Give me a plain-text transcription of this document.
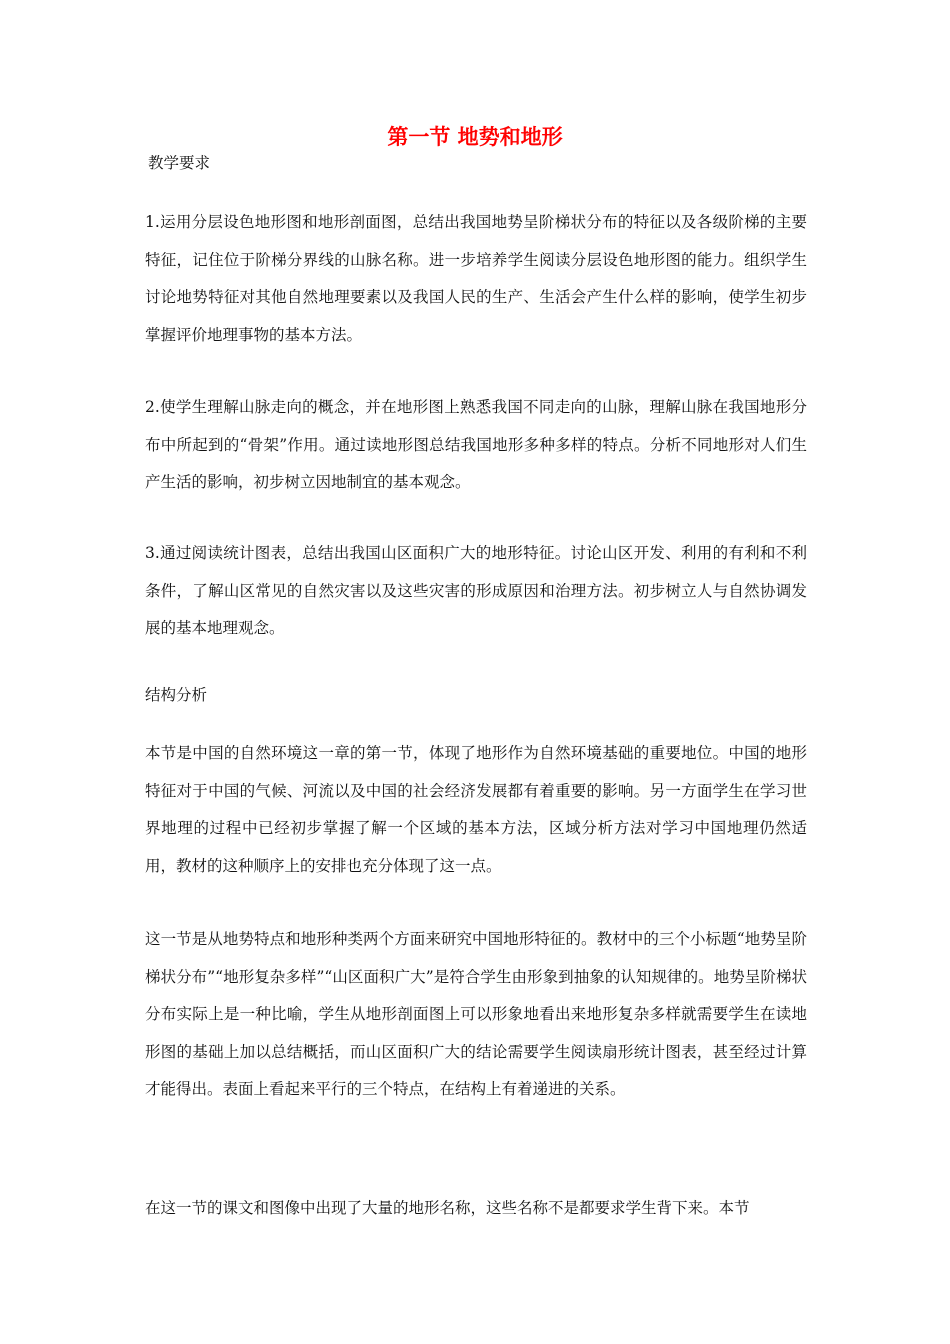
第一节 地势和地形

教学要求

1.运用分层设色地形图和地形剖面图，总结出我国地势呈阶梯状分布的特征以及各级阶梯的主要特征，记住位于阶梯分界线的山脉名称。进一步培养学生阅读分层设色地形图的能力。组织学生讨论地势特征对其他自然地理要素以及我国人民的生产、生活会产生什么样的影响，使学生初步掌握评价地理事物的基本方法。

2.使学生理解山脉走向的概念，并在地形图上熟悉我国不同走向的山脉，理解山脉在我国地形分布中所起到的“骨架”作用。通过读地形图总结我国地形多种多样的特点。分析不同地形对人们生产生活的影响，初步树立因地制宜的基本观念。

3.通过阅读统计图表，总结出我国山区面积广大的地形特征。讨论山区开发、利用的有利和不利条件，了解山区常见的自然灾害以及这些灾害的形成原因和治理方法。初步树立人与自然协调发展的基本地理观念。

结构分析

本节是中国的自然环境这一章的第一节，体现了地形作为自然环境基础的重要地位。中国的地形特征对于中国的气候、河流以及中国的社会经济发展都有着重要的影响。另一方面学生在学习世界地理的过程中已经初步掌握了解一个区域的基本方法，区域分析方法对学习中国地理仍然适用，教材的这种顺序上的安排也充分体现了这一点。

这一节是从地势特点和地形种类两个方面来研究中国地形特征的。教材中的三个小标题“地势呈阶梯状分布”“地形复杂多样”“山区面积广大”是符合学生由形象到抽象的认知规律的。地势呈阶梯状分布实际上是一种比喻，学生从地形剖面图上可以形象地看出来地形复杂多样就需要学生在读地形图的基础上加以总结概括，而山区面积广大的结论需要学生阅读扇形统计图表，甚至经过计算才能得出。表面上看起来平行的三个特点，在结构上有着递进的关系。

在这一节的课文和图像中出现了大量的地形名称，这些名称不是都要求学生背下来。本节
